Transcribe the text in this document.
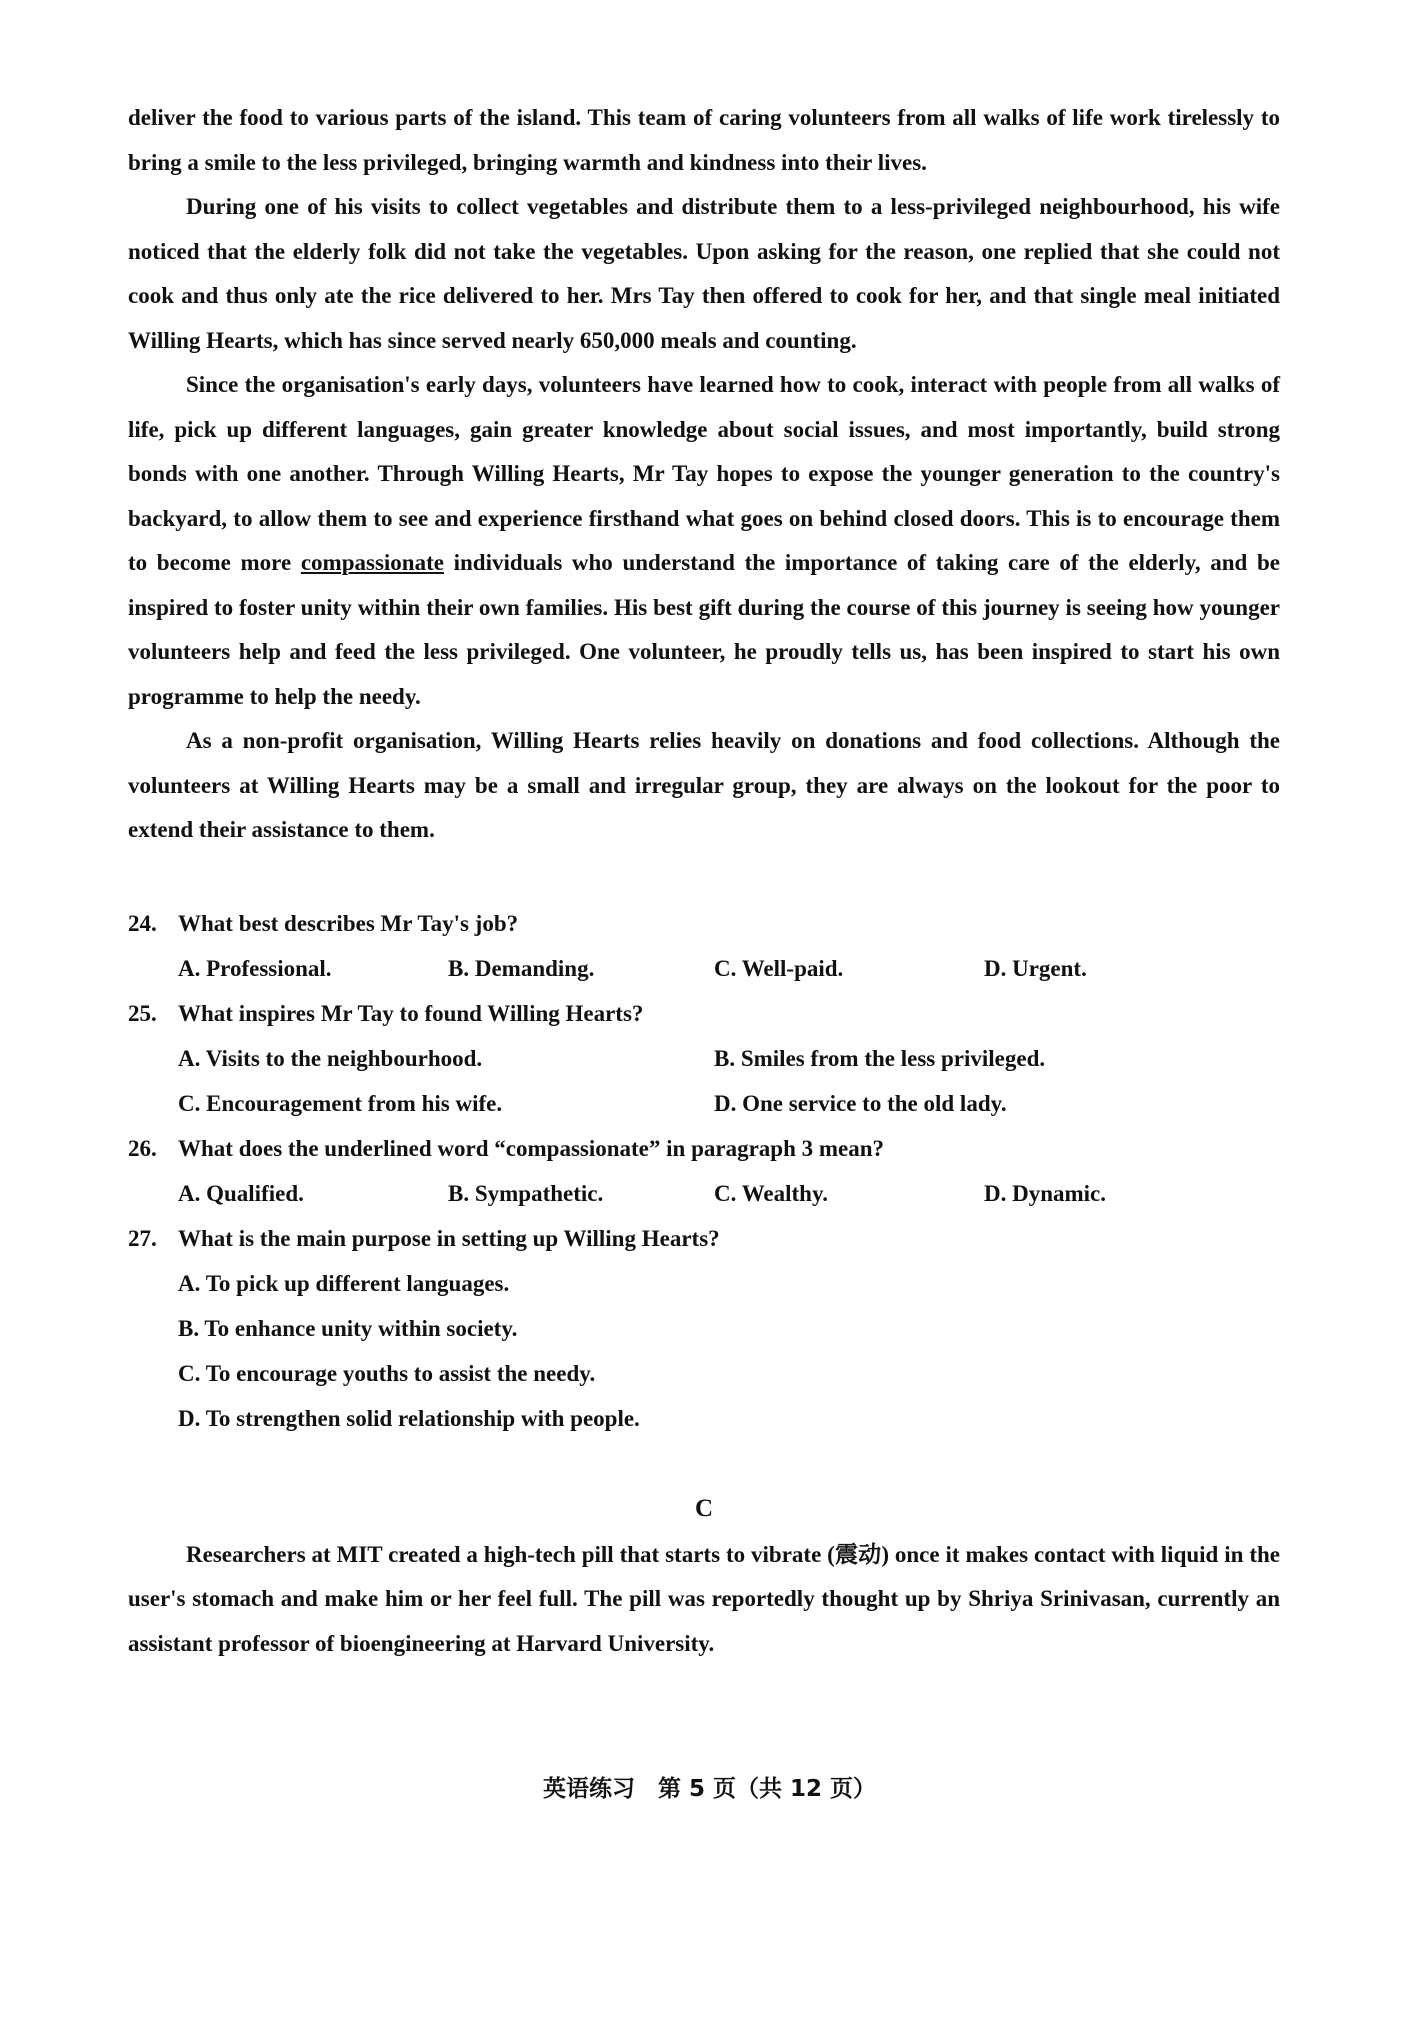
deliver the food to various parts of the island. This team of caring volunteers from all walks of life work tirelessly to bring a smile to the less privileged, bringing warmth and kindness into their lives.

During one of his visits to collect vegetables and distribute them to a less-privileged neighbourhood, his wife noticed that the elderly folk did not take the vegetables. Upon asking for the reason, one replied that she could not cook and thus only ate the rice delivered to her. Mrs Tay then offered to cook for her, and that single meal initiated Willing Hearts, which has since served nearly 650,000 meals and counting.

Since the organisation's early days, volunteers have learned how to cook, interact with people from all walks of life, pick up different languages, gain greater knowledge about social issues, and most importantly, build strong bonds with one another. Through Willing Hearts, Mr Tay hopes to expose the younger generation to the country's backyard, to allow them to see and experience firsthand what goes on behind closed doors. This is to encourage them to become more compassionate individuals who understand the importance of taking care of the elderly, and be inspired to foster unity within their own families. His best gift during the course of this journey is seeing how younger volunteers help and feed the less privileged. One volunteer, he proudly tells us, has been inspired to start his own programme to help the needy.

As a non-profit organisation, Willing Hearts relies heavily on donations and food collections. Although the volunteers at Willing Hearts may be a small and irregular group, they are always on the lookout for the poor to extend their assistance to them.

24. What best describes Mr Tay's job?
A. Professional.	B. Demanding.	C. Well-paid.	D. Urgent.
25. What inspires Mr Tay to found Willing Hearts?
A. Visits to the neighbourhood.	B. Smiles from the less privileged.
C. Encouragement from his wife.	D. One service to the old lady.
26. What does the underlined word “compassionate” in paragraph 3 mean?
A. Qualified.	B. Sympathetic.	C. Wealthy.	D. Dynamic.
27. What is the main purpose in setting up Willing Hearts?
A. To pick up different languages.
B. To enhance unity within society.
C. To encourage youths to assist the needy.
D. To strengthen solid relationship with people.
C

Researchers at MIT created a high-tech pill that starts to vibrate (震动) once it makes contact with liquid in the user's stomach and make him or her feel full. The pill was reportedly thought up by Shriya Srinivasan, currently an assistant professor of bioengineering at Harvard University.

英语练习　第 5 页（共 12 页）
